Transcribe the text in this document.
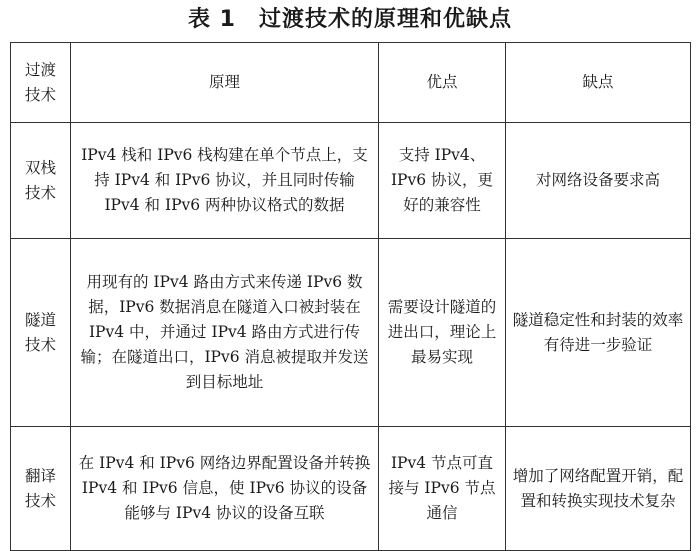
表 1　过渡技术的原理和优缺点
过渡技术	原理	优点	缺点

双栈技术	IPv4 栈和 IPv6 栈构建在单个节点上，支持 IPv4 和 IPv6 协议，并且同时传输 IPv4 和 IPv6 两种协议格式的数据	支持 IPv4、IPv6 协议，更好的兼容性	对网络设备要求高

隧道技术	用现有的 IPv4 路由方式来传递 IPv6 数据，IPv6 数据消息在隧道入口被封装在 IPv4 中，并通过 IPv4 路由方式进行传输；在隧道出口，IPv6 消息被提取并发送到目标地址	需要设计隧道的进出口，理论上最易实现	隧道稳定性和封装的效率有待进一步验证

翻译技术	在 IPv4 和 IPv6 网络边界配置设备并转换 IPv4 和 IPv6 信息，使 IPv6 协议的设备能够与 IPv4 协议的设备互联	IPv4 节点可直接与 IPv6 节点通信	增加了网络配置开销，配置和转换实现技术复杂
